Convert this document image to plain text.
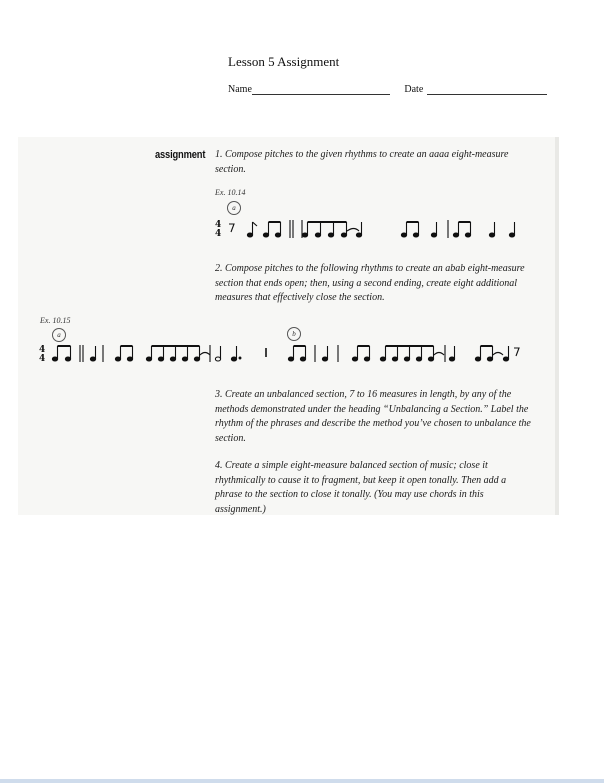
Lesson 5 Assignment
Name	Date
assignment 1. Compose pitches to the given rhythms to create an aaaa eight-measure section.
Ex. 10.14
a
4
4
2. Compose pitches to the following rhythms to create an abab eight-measure section that ends open; then, using a second ending, create eight additional measures that effectively close the section.
Ex. 10.15
a	b
4
4
3. Create an unbalanced section, 7 to 16 measures in length, by any of the methods demonstrated under the heading “Unbalancing a Section.” Label the rhythm of the phrases and describe the method you’ve chosen to unbalance the section.
4. Create a simple eight-measure balanced section of music; close it rhythmically to cause it to fragment, but keep it open tonally. Then add a phrase to the section to close it tonally. (You may use chords in this assignment.)
